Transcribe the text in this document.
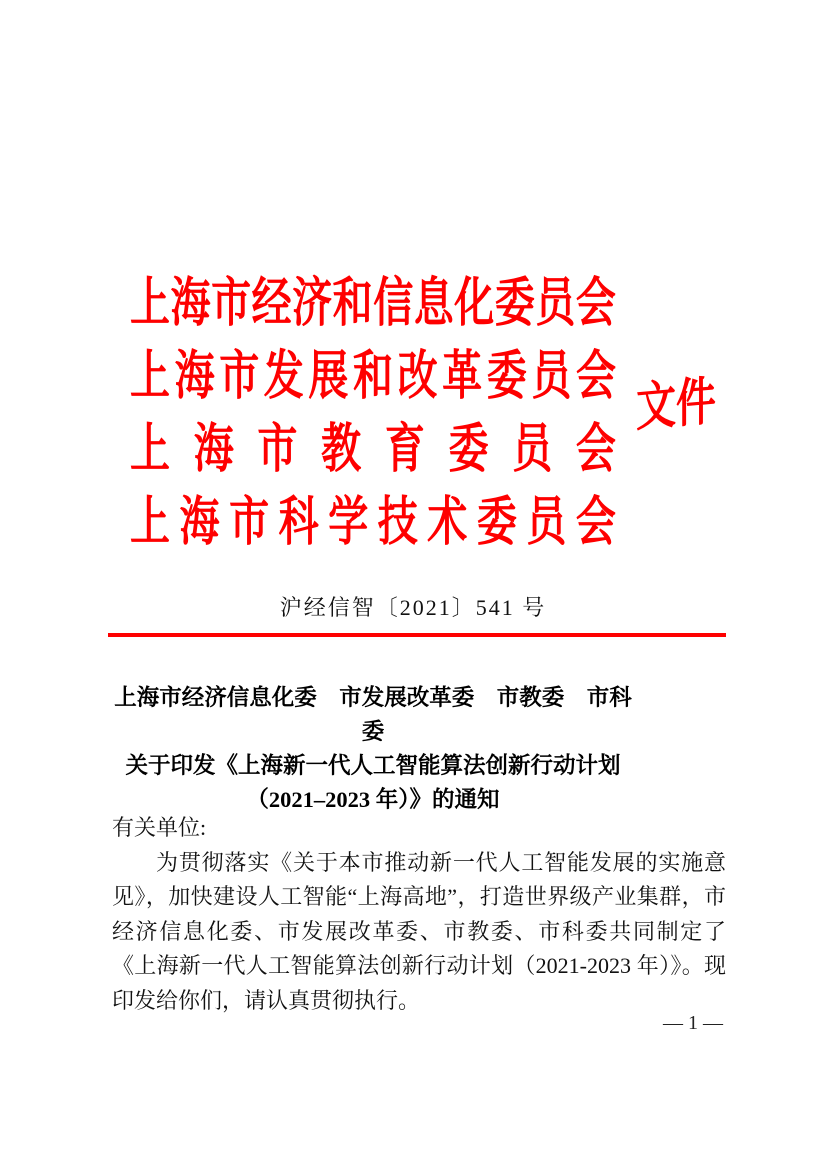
上 海 市 经 济 和 信 息 化 委 员 会
上 海 市 发 展 和 改 革 委 员 会
上 海 市 教 育 委 员 会
上 海 市 科 学 技 术 委 员 会
文件
沪经信智〔2021〕541 号
上海市经济信息化委 市发展改革委 市教委 市科委
关于印发《上海新一代人工智能算法创新行动计划
（2021–2023 年）》的通知
有关单位:

为贯彻落实《关于本市推动新一代人工智能发展的实施意见》，加快建设人工智能“上海高地”，打造世界级产业集群，市经济信息化委、市发展改革委、市教委、市科委共同制定了《上海新一代人工智能算法创新行动计划（2021-2023 年）》。现印发给你们，请认真贯彻执行。

— 1 —
